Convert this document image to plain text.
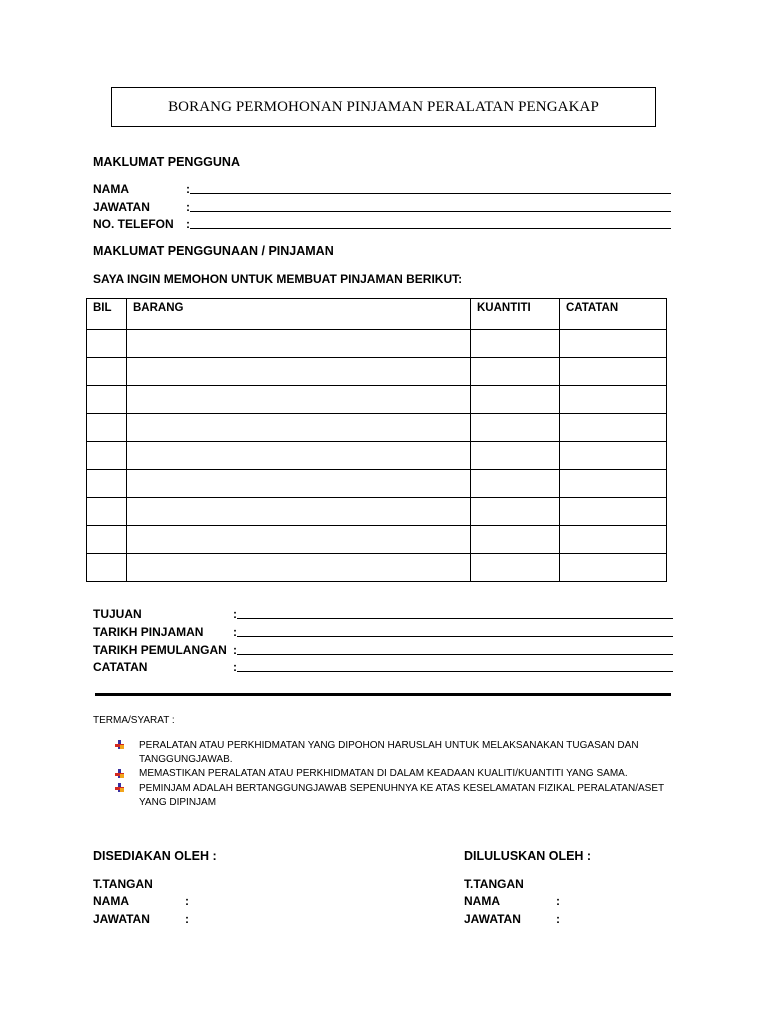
BORANG PERMOHONAN PINJAMAN PERALATAN PENGAKAP
MAKLUMAT PENGGUNA
NAMA	:
JAWATAN	:
NO. TELEFON	:
MAKLUMAT PENGGUNAAN / PINJAMAN
SAYA INGIN MEMOHON UNTUK MEMBUAT PINJAMAN BERIKUT:
BIL	BARANG	KUANTITI	CATATAN

TUJUAN	:
TARIKH PINJAMAN	:
TARIKH PEMULANGAN :
CATATAN	:
TERMA/SYARAT :
PERALATAN ATAU PERKHIDMATAN YANG DIPOHON HARUSLAH UNTUK MELAKSANAKAN TUGASAN DAN
TANGGUNGJAWAB.
MEMASTIKAN PERALATAN ATAU PERKHIDMATAN DI DALAM KEADAAN KUALITI/KUANTITI YANG SAMA.
PEMINJAM ADALAH BERTANGGUNGJAWAB SEPENUHNYA KE ATAS KESELAMATAN FIZIKAL PERALATAN/ASET
YANG DIPINJAM
DISEDIAKAN OLEH :
T.TANGAN
NAMA	:
JAWATAN	:
DILULUSKAN OLEH :
T.TANGAN
NAMA	:
JAWATAN	:
